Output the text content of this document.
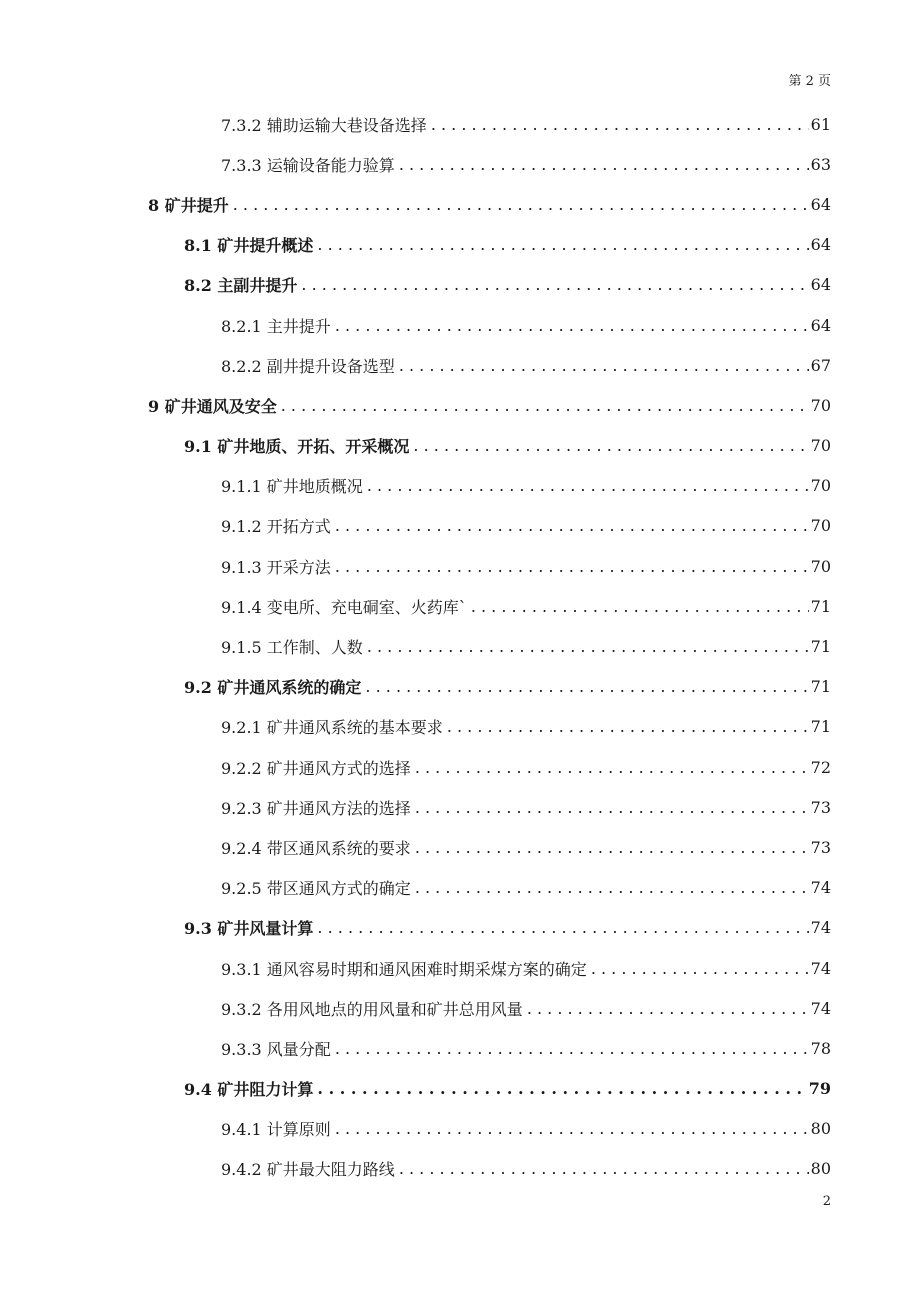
第 2 页
7.3.2 辅助运输大巷设备选择 . . .	61
7.3.3 运输设备能力验算 . . .	63
8 矿井提升 . . .	64
8.1 矿井提升概述 . . .	64
8.2 主副井提升 . . .	64
8.2.1 主井提升 . . .	64
8.2.2 副井提升设备选型 . . .	67
9 矿井通风及安全 . . .	70
9.1 矿井地质、开拓、开采概况 . . .	70
9.1.1 矿井地质概况 . . .	70
9.1.2 开拓方式 . . .	70
9.1.3 开采方法 . . .	70
9.1.4 变电所、充电硐室、火药库` . . .	71
9.1.5 工作制、人数 . . .	71
9.2 矿井通风系统的确定 . . .	71
9.2.1 矿井通风系统的基本要求 . . .	71
9.2.2 矿井通风方式的选择 . . .	72
9.2.3 矿井通风方法的选择 . . .	73
9.2.4 带区通风系统的要求 . . .	73
9.2.5 带区通风方式的确定 . . .	74
9.3 矿井风量计算 . . .	74
9.3.1 通风容易时期和通风困难时期采煤方案的确定 . . .	74
9.3.2 各用风地点的用风量和矿井总用风量 . . .	74
9.3.3 风量分配 . . .	78
9.4 矿井阻力计算 . . .	79
9.4.1 计算原则 . . .	80
9.4.2 矿井最大阻力路线 . . .	80
2
